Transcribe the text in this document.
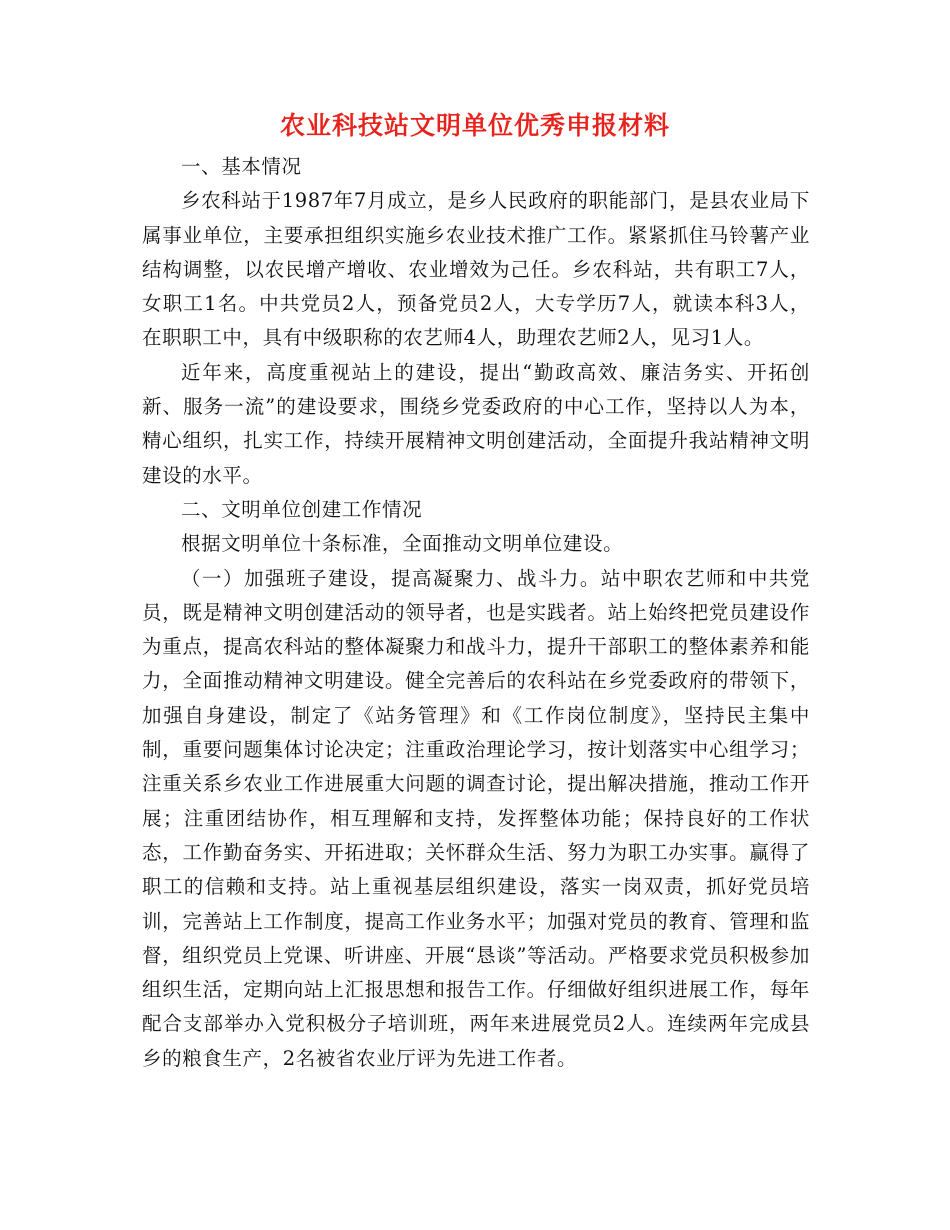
农业科技站文明单位优秀申报材料

一、基本情况

乡农科站于1987年7月成立，是乡人民政府的职能部门，是县农业局下属事业单位，主要承担组织实施乡农业技术推广工作。紧紧抓住马铃薯产业结构调整，以农民增产增收、农业增效为己任。乡农科站，共有职工7人，女职工1名。中共党员2人，预备党员2人，大专学历7人，就读本科3人，在职职工中，具有中级职称的农艺师4人，助理农艺师2人，见习1人。

近年来，高度重视站上的建设，提出“勤政高效、廉洁务实、开拓创新、服务一流”的建设要求，围绕乡党委政府的中心工作，坚持以人为本，精心组织，扎实工作，持续开展精神文明创建活动，全面提升我站精神文明建设的水平。

二、文明单位创建工作情况

根据文明单位十条标准，全面推动文明单位建设。

（一）加强班子建设，提高凝聚力、战斗力。站中职农艺师和中共党员，既是精神文明创建活动的领导者，也是实践者。站上始终把党员建设作为重点，提高农科站的整体凝聚力和战斗力，提升干部职工的整体素养和能力，全面推动精神文明建设。健全完善后的农科站在乡党委政府的带领下，加强自身建设，制定了《站务管理》和《工作岗位制度》，坚持民主集中制，重要问题集体讨论决定；注重政治理论学习，按计划落实中心组学习；注重关系乡农业工作进展重大问题的调查讨论，提出解决措施，推动工作开展；注重团结协作，相互理解和支持，发挥整体功能；保持良好的工作状态，工作勤奋务实、开拓进取；关怀群众生活、努力为职工办实事。赢得了职工的信赖和支持。站上重视基层组织建设，落实一岗双责，抓好党员培训，完善站上工作制度，提高工作业务水平；加强对党员的教育、管理和监督，组织党员上党课、听讲座、开展“恳谈”等活动。严格要求党员积极参加组织生活，定期向站上汇报思想和报告工作。仔细做好组织进展工作，每年配合支部举办入党积极分子培训班，两年来进展党员2人。连续两年完成县乡的粮食生产，2名被省农业厅评为先进工作者。
